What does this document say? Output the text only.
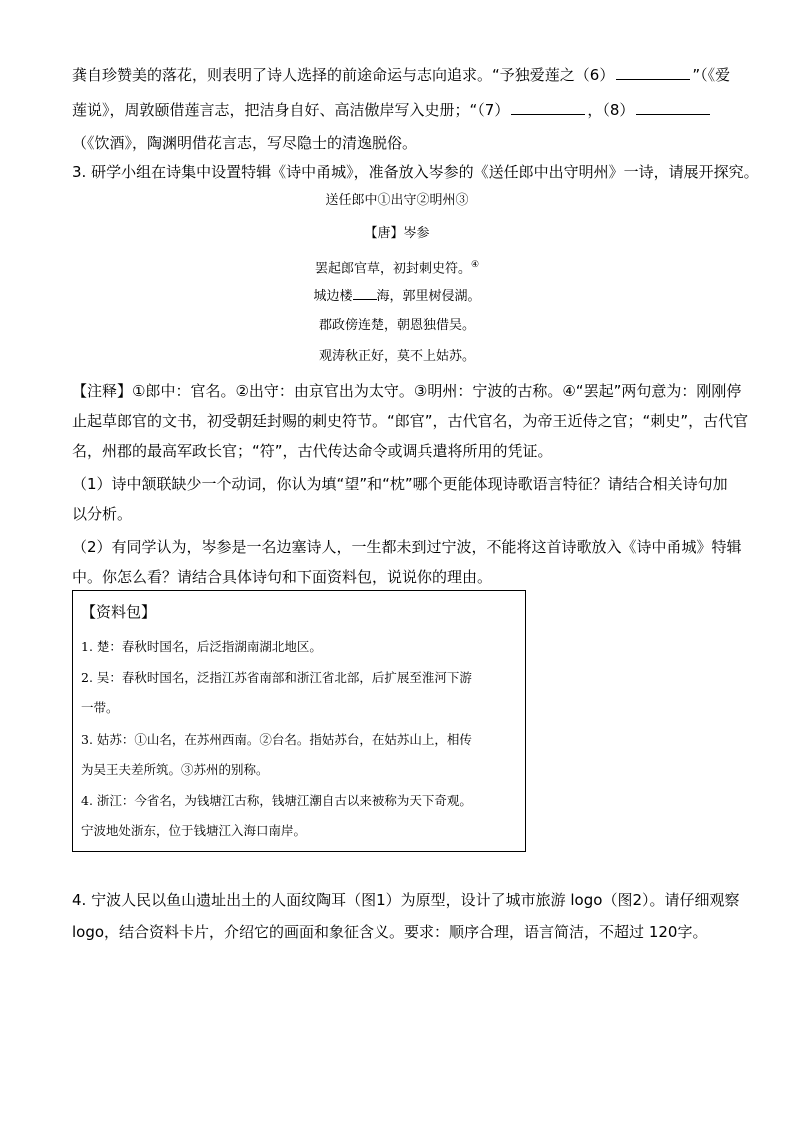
龚自珍赞美的落花，则表明了诗人选择的前途命运与志向追求。“予独爱莲之（6）	”（《爱
莲说》，周敦颐借莲言志，把洁身自好、高洁傲岸写入史册；“（7）	，（8）
（《饮酒》，陶渊明借花言志，写尽隐士的清逸脱俗。
3. 研学小组在诗集中设置特辑《诗中甬城》，准备放入岑参的《送任郎中出守明州》一诗，请展开探究。
送任郎中①出守②明州③
【唐】岑参
罢起郎官草，初封刺史符。④
城边楼 海，郭里树侵湖。
郡政傍连楚，朝恩独借吴。
观涛秋正好，莫不上姑苏。
【注释】①郎中：官名。②出守：由京官出为太守。③明州：宁波的古称。④“罢起”两句意为：刚刚停
止起草郎官的文书，初受朝廷封赐的刺史符节。“郎官”，古代官名，为帝王近侍之官；“刺史”，古代官
名，州郡的最高军政长官；“符”，古代传达命令或调兵遣将所用的凭证。
（1）诗中颔联缺少一个动词，你认为填“望”和“枕”哪个更能体现诗歌语言特征？请结合相关诗句加
以分析。
（2）有同学认为，岑参是一名边塞诗人，一生都未到过宁波，不能将这首诗歌放入《诗中甬城》特辑
中。你怎么看？请结合具体诗句和下面资料包，说说你的理由。
【资料包】
1. 楚：春秋时国名，后泛指湖南湖北地区。
2. 吴：春秋时国名，泛指江苏省南部和浙江省北部，后扩展至淮河下游
一带。
3. 姑苏：①山名，在苏州西南。②台名。指姑苏台，在姑苏山上，相传
为吴王夫差所筑。③苏州的别称。
4. 浙江：今省名，为钱塘江古称，钱塘江潮自古以来被称为天下奇观。
宁波地处浙东，位于钱塘江入海口南岸。
4. 宁波人民以鱼山遗址出土的人面纹陶耳（图1）为原型，设计了城市旅游 logo（图2）。请仔细观察
logo，结合资料卡片，介绍它的画面和象征含义。要求：顺序合理，语言简洁，不超过 120字。
